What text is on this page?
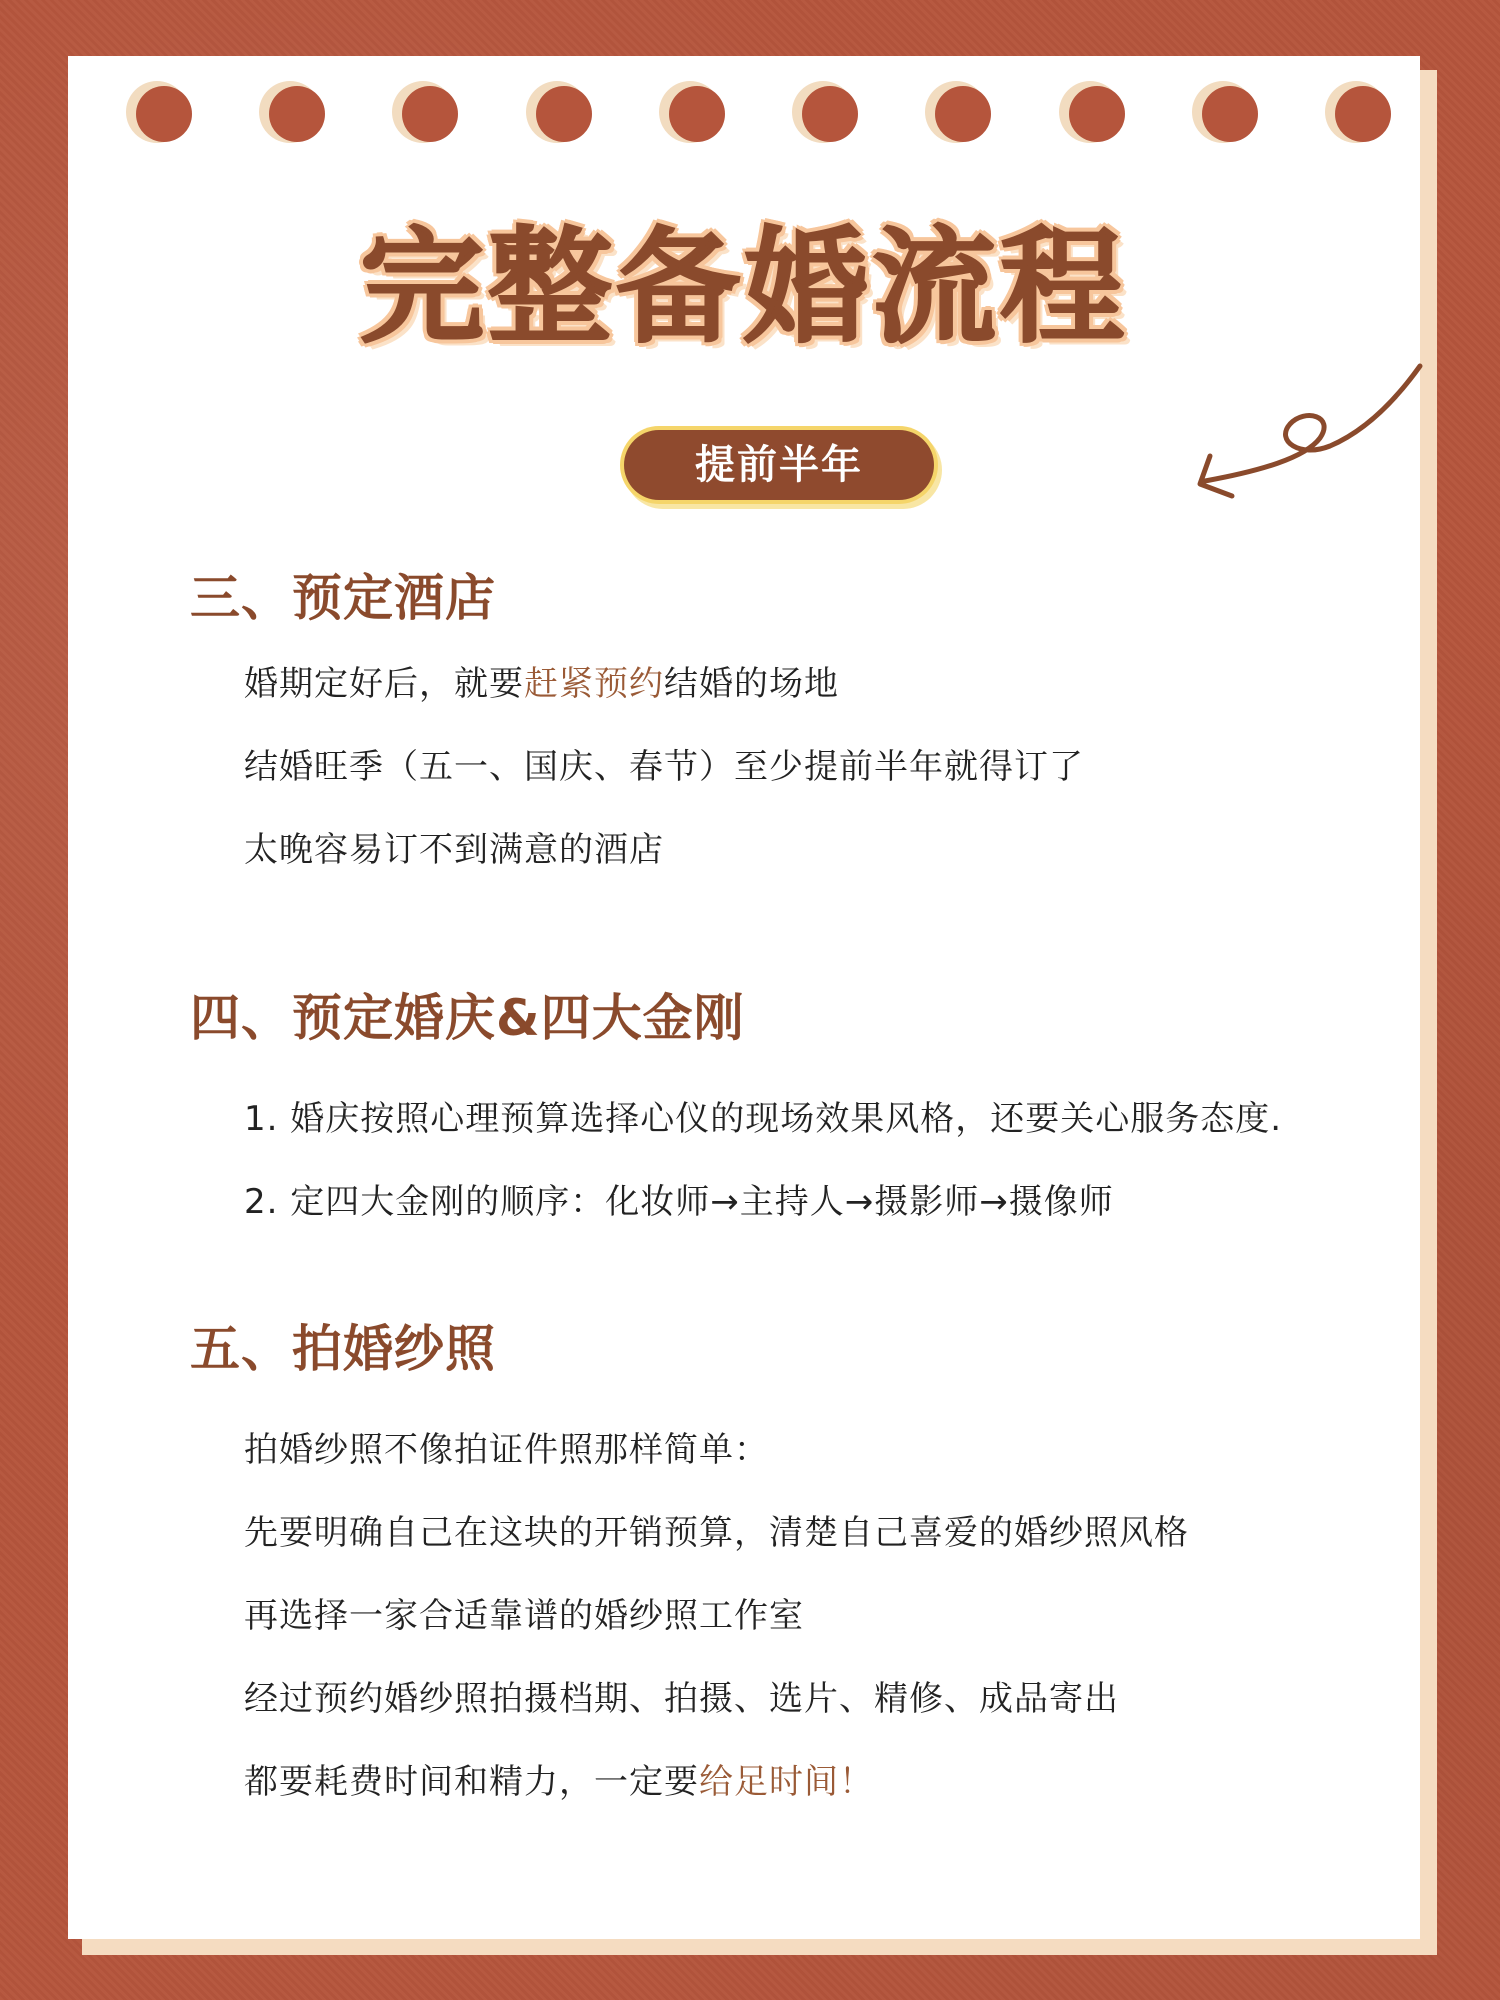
完整备婚流程
提前半年
三、预定酒店
婚期定好后，就要赶紧预约结婚的场地
结婚旺季（五一、国庆、春节）至少提前半年就得订了
太晚容易订不到满意的酒店
四、预定婚庆&四大金刚
1. 婚庆按照心理预算选择心仪的现场效果风格，还要关心服务态度.
2. 定四大金刚的顺序：化妆师→主持人→摄影师→摄像师
五、拍婚纱照
拍婚纱照不像拍证件照那样简单：
先要明确自己在这块的开销预算，清楚自己喜爱的婚纱照风格
再选择一家合适靠谱的婚纱照工作室
经过预约婚纱照拍摄档期、拍摄、选片、精修、成品寄出
都要耗费时间和精力，一定要给足时间！
